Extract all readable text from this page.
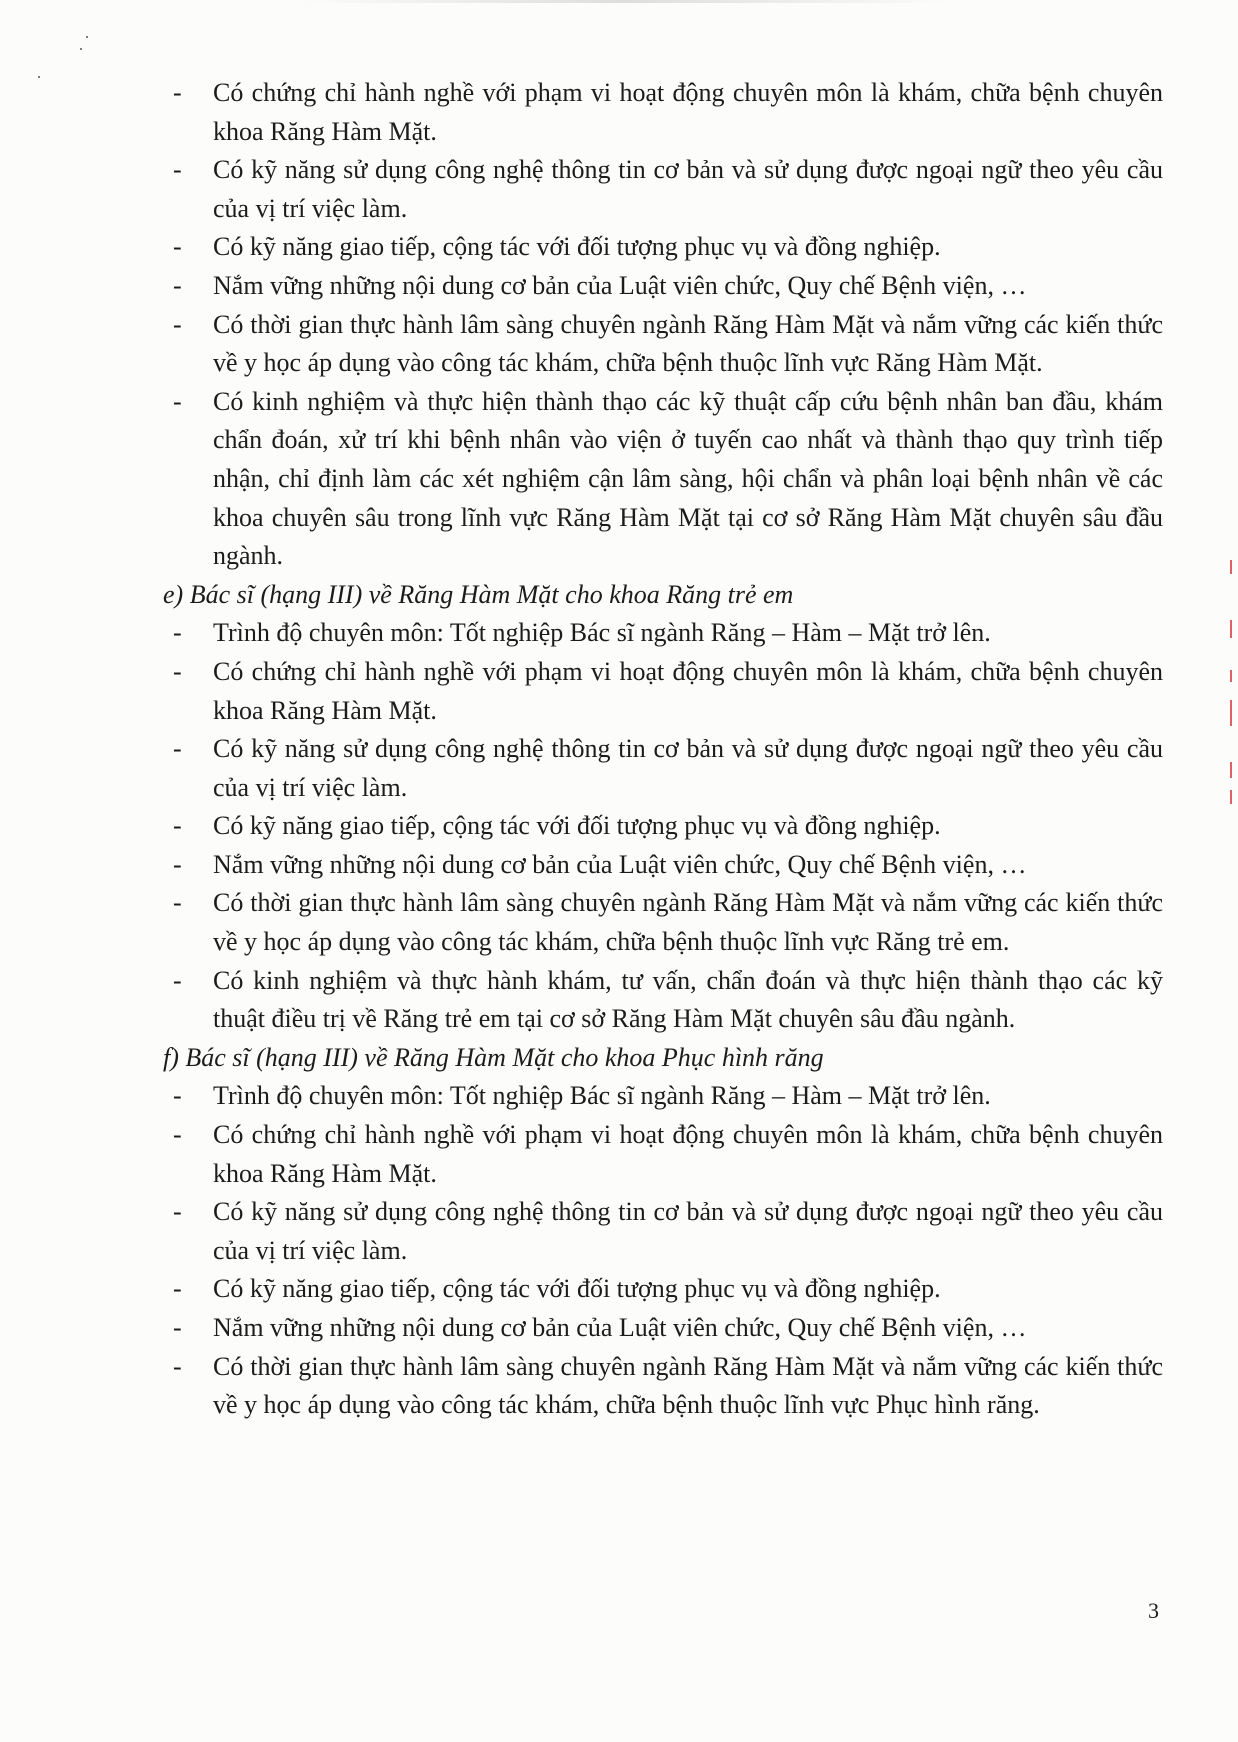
- Có chứng chỉ hành nghề với phạm vi hoạt động chuyên môn là khám, chữa bệnh chuyên khoa Răng Hàm Mặt.
- Có kỹ năng sử dụng công nghệ thông tin cơ bản và sử dụng được ngoại ngữ theo yêu cầu của vị trí việc làm.
- Có kỹ năng giao tiếp, cộng tác với đối tượng phục vụ và đồng nghiệp.
- Nắm vững những nội dung cơ bản của Luật viên chức, Quy chế Bệnh viện, …
- Có thời gian thực hành lâm sàng chuyên ngành Răng Hàm Mặt và nắm vững các kiến thức về y học áp dụng vào công tác khám, chữa bệnh thuộc lĩnh vực Răng Hàm Mặt.
- Có kinh nghiệm và thực hiện thành thạo các kỹ thuật cấp cứu bệnh nhân ban đầu, khám chẩn đoán, xử trí khi bệnh nhân vào viện ở tuyến cao nhất và thành thạo quy trình tiếp nhận, chỉ định làm các xét nghiệm cận lâm sàng, hội chẩn và phân loại bệnh nhân về các khoa chuyên sâu trong lĩnh vực Răng Hàm Mặt tại cơ sở Răng Hàm Mặt chuyên sâu đầu ngành.
e) Bác sĩ (hạng III) về Răng Hàm Mặt cho khoa Răng trẻ em
- Trình độ chuyên môn: Tốt nghiệp Bác sĩ ngành Răng – Hàm – Mặt trở lên.
- Có chứng chỉ hành nghề với phạm vi hoạt động chuyên môn là khám, chữa bệnh chuyên khoa Răng Hàm Mặt.
- Có kỹ năng sử dụng công nghệ thông tin cơ bản và sử dụng được ngoại ngữ theo yêu cầu của vị trí việc làm.
- Có kỹ năng giao tiếp, cộng tác với đối tượng phục vụ và đồng nghiệp.
- Nắm vững những nội dung cơ bản của Luật viên chức, Quy chế Bệnh viện, …
- Có thời gian thực hành lâm sàng chuyên ngành Răng Hàm Mặt và nắm vững các kiến thức về y học áp dụng vào công tác khám, chữa bệnh thuộc lĩnh vực Răng trẻ em.
- Có kinh nghiệm và thực hành khám, tư vấn, chẩn đoán và thực hiện thành thạo các kỹ thuật điều trị về Răng trẻ em tại cơ sở Răng Hàm Mặt chuyên sâu đầu ngành.
f) Bác sĩ (hạng III) về Răng Hàm Mặt cho khoa Phục hình răng
- Trình độ chuyên môn: Tốt nghiệp Bác sĩ ngành Răng – Hàm – Mặt trở lên.
- Có chứng chỉ hành nghề với phạm vi hoạt động chuyên môn là khám, chữa bệnh chuyên khoa Răng Hàm Mặt.
- Có kỹ năng sử dụng công nghệ thông tin cơ bản và sử dụng được ngoại ngữ theo yêu cầu của vị trí việc làm.
- Có kỹ năng giao tiếp, cộng tác với đối tượng phục vụ và đồng nghiệp.
- Nắm vững những nội dung cơ bản của Luật viên chức, Quy chế Bệnh viện, …
- Có thời gian thực hành lâm sàng chuyên ngành Răng Hàm Mặt và nắm vững các kiến thức về y học áp dụng vào công tác khám, chữa bệnh thuộc lĩnh vực Phục hình răng.
3
